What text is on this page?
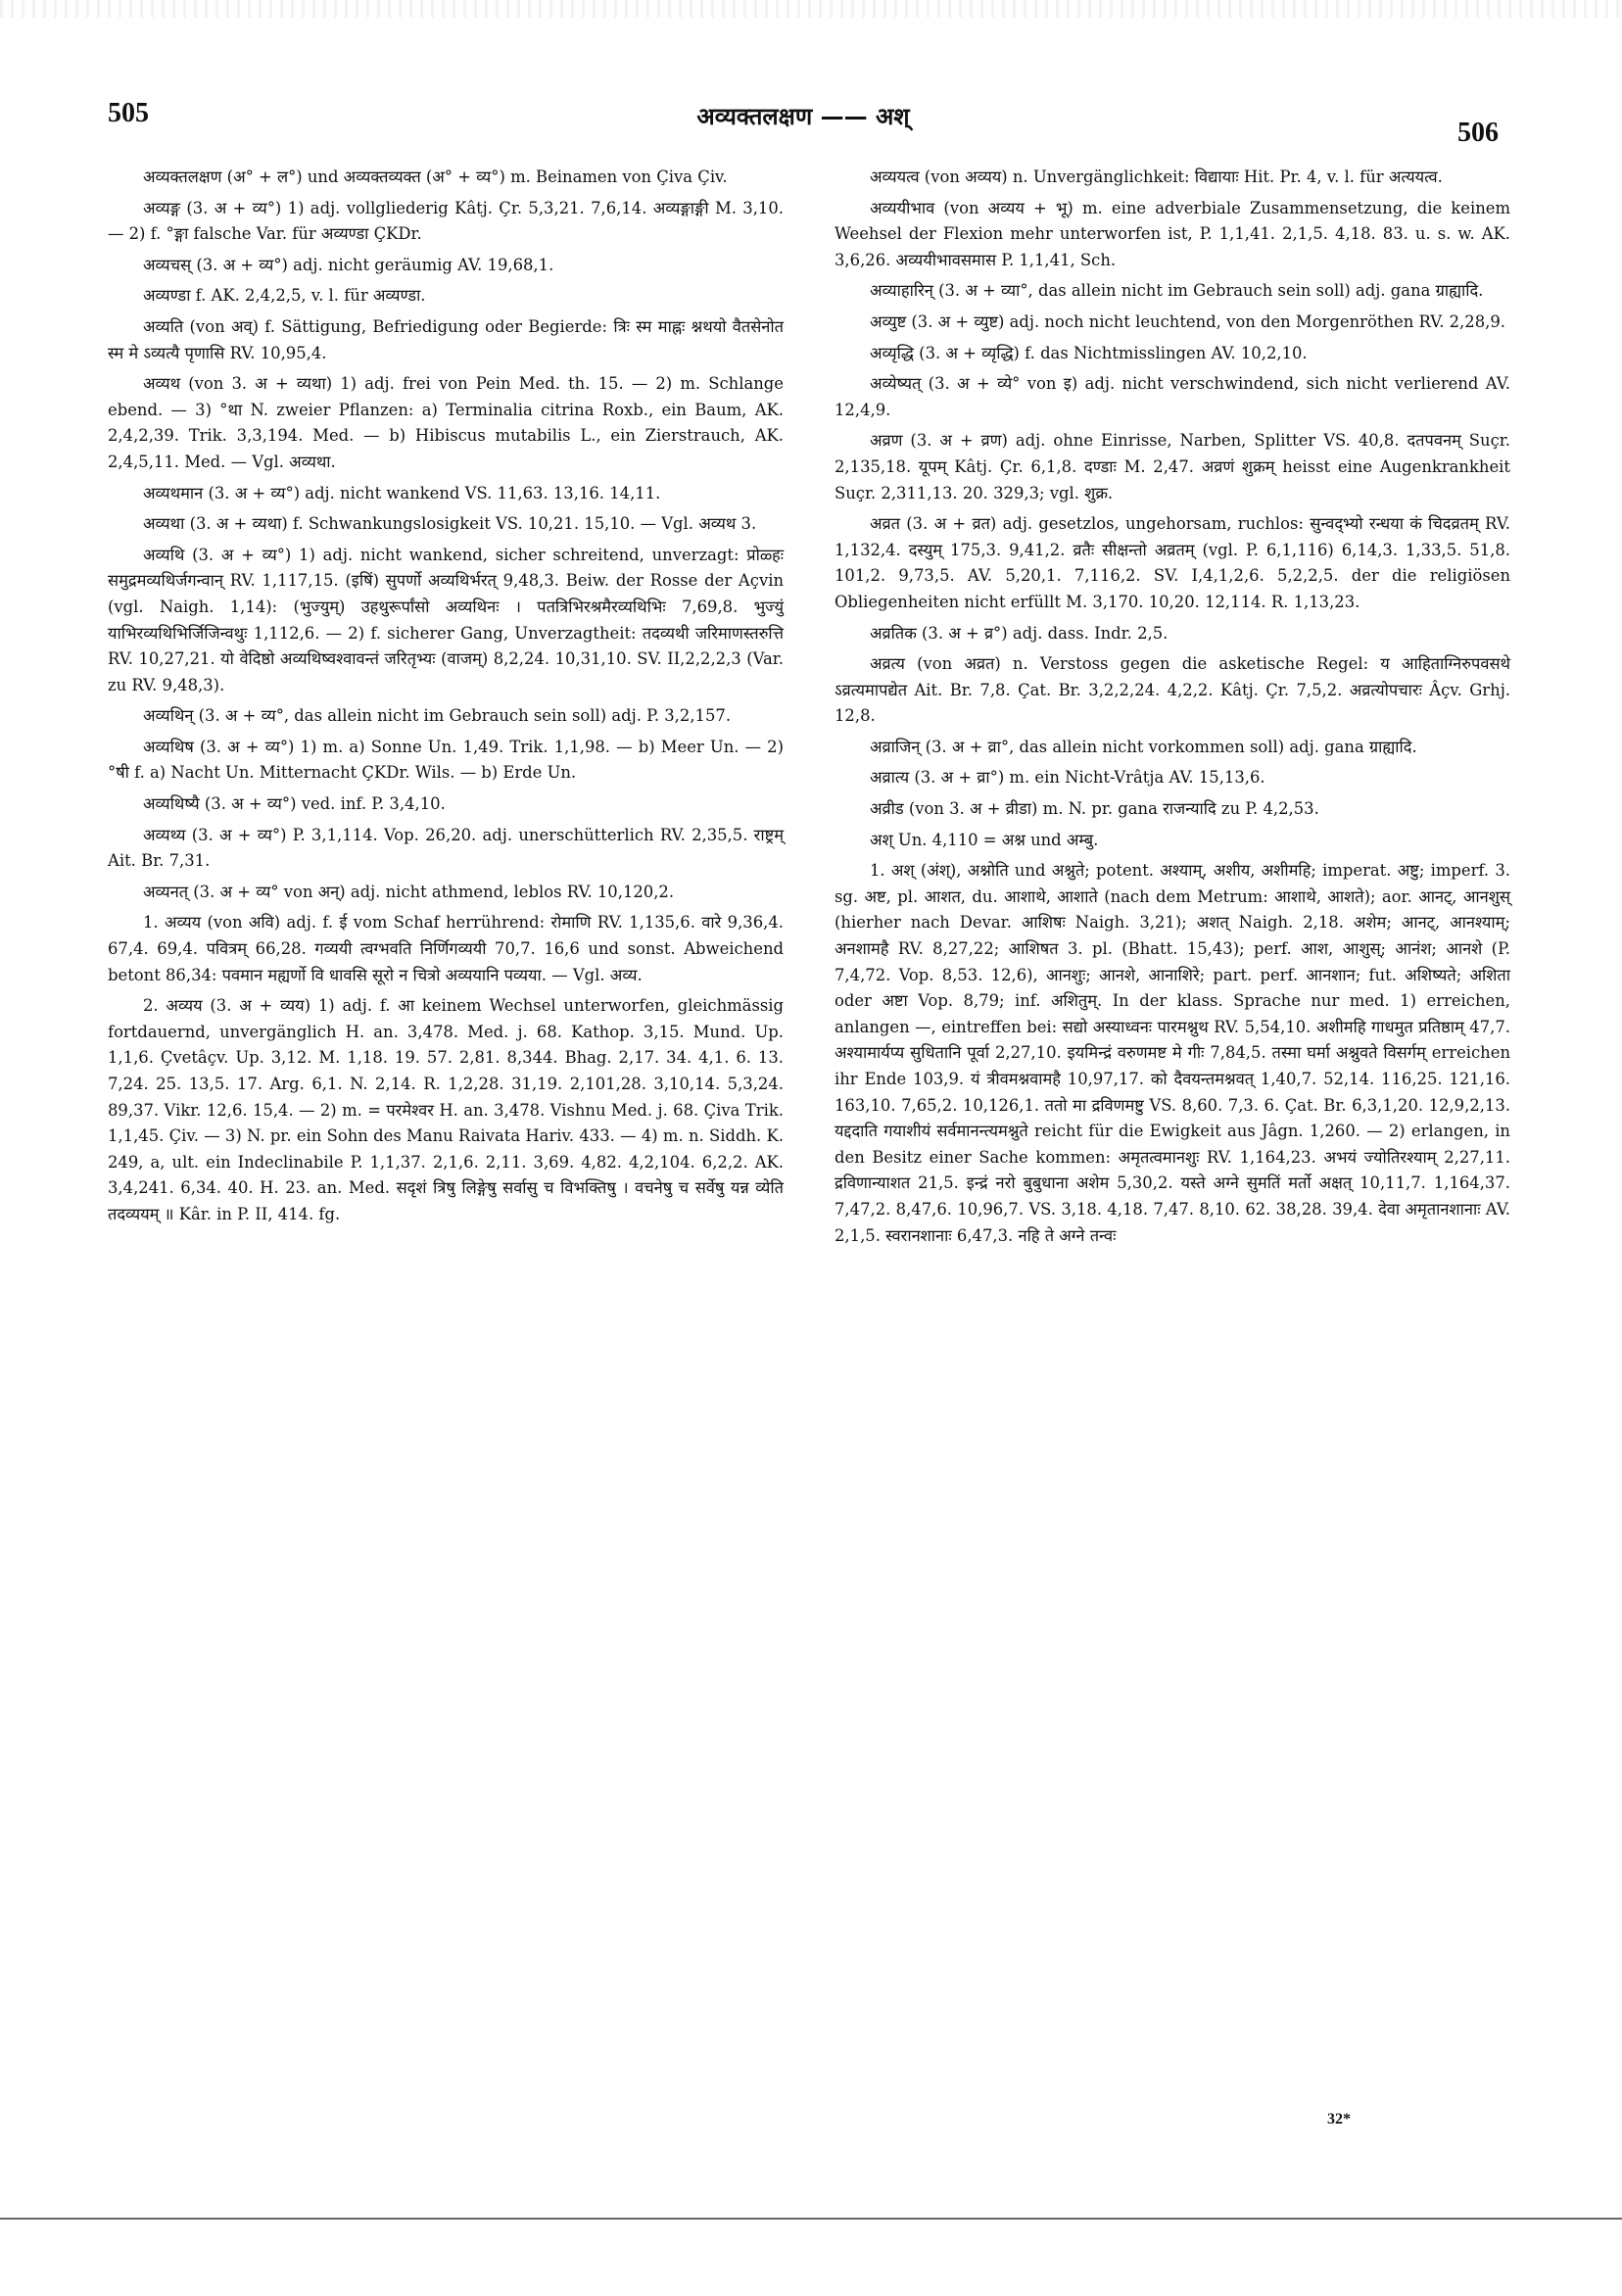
505	अव्यक्तलक्षण —— अश्
506

अव्यक्तलक्षण (अ° + ल°) und अव्यक्तव्यक्त (अ° + व्य°) m. Beinamen von Çiva Çiv.

अव्यङ्ग (3. अ + व्य°) 1) adj. vollgliederig Kâtj. Çr. 5,3,21. 7,6,14. अव्यङ्गाङ्गी M. 3,10. — 2) f. °ङ्गा falsche Var. für अव्यण्डा ÇKDr.

अव्यचस् (3. अ + व्य°) adj. nicht geräumig AV. 19,68,1.

अव्यण्डा f. AK. 2,4,2,5, v. l. für अव्यण्डा.

अव्यति (von अव्) f. Sättigung, Befriedigung oder Begierde: त्रिः स्म माह्नः श्नथयो वैतसेनोत स्म मे ऽव्यत्यै पृणासि RV. 10,95,4.

अव्यथ (von 3. अ + व्यथा) 1) adj. frei von Pein Med. th. 15. — 2) m. Schlange ebend. — 3) °था N. zweier Pflanzen: a) Terminalia citrina Roxb., ein Baum, AK. 2,4,2,39. Trik. 3,3,194. Med. — b) Hibiscus mutabilis L., ein Zierstrauch, AK. 2,4,5,11. Med. — Vgl. अव्यथा.

अव्यथमान (3. अ + व्य°) adj. nicht wankend VS. 11,63. 13,16. 14,11.

अव्यथा (3. अ + व्यथा) f. Schwankungslosigkeit VS. 10,21. 15,10. — Vgl. अव्यथ 3.

अव्यथि (3. अ + व्य°) 1) adj. nicht wankend, sicher schreitend, unverzagt: प्रोळ्हः समुद्रमव्यथिर्जगन्वान् RV. 1,117,15. (इषिं) सुपर्णो अव्यथिर्भरत् 9,48,3. Beiw. der Rosse der Açvin (vgl. Naigh. 1,14): (भुज्युम्) उहथुरूर्पांसो अव्यथिनः । पतत्रिभिरश्रमैरव्यथिभिः 7,69,8. भुज्युं याभिरव्यथिभिर्जिजिन्वथुः 1,112,6. — 2) f. sicherer Gang, Unverzagtheit: तदव्यथी जरिमाणस्तरुत्ति RV. 10,27,21. यो वेदिष्ठो अव्यथिष्वश्वावन्तं जरितृभ्यः (वाजम्) 8,2,24. 10,31,10. SV. II,2,2,2,3 (Var. zu RV. 9,48,3).

अव्यथिन् (3. अ + व्य°, das allein nicht im Gebrauch sein soll) adj. P. 3,2,157.

अव्यथिष (3. अ + व्य°) 1) m. a) Sonne Un. 1,49. Trik. 1,1,98. — b) Meer Un. — 2) °षी f. a) Nacht Un. Mitternacht ÇKDr. Wils. — b) Erde Un.

अव्यथिष्यै (3. अ + व्य°) ved. inf. P. 3,4,10.

अव्यथ्य (3. अ + व्य°) P. 3,1,114. Vop. 26,20. adj. unerschütterlich RV. 2,35,5. राष्ट्रम् Ait. Br. 7,31.

अव्यनत् (3. अ + व्य° von अन्) adj. nicht athmend, leblos RV. 10,120,2.

1. अव्यय (von अवि) adj. f. ई vom Schaf herrührend: रोमाणि RV. 1,135,6. वारे 9,36,4. 67,4. 69,4. पवित्रम् 66,28. गव्ययी त्वग्भवति निर्णिगव्ययी 70,7. 16,6 und sonst. Abweichend betont 86,34: पवमान मह्यर्णो वि धावसि सूरो न चित्रो अव्ययानि पव्यया. — Vgl. अव्य.

2. अव्यय (3. अ + व्यय) 1) adj. f. आ keinem Wechsel unterworfen, gleichmässig fortdauernd, unvergänglich H. an. 3,478. Med. j. 68. Kathop. 3,15. Mund. Up. 1,1,6. Çvetâçv. Up. 3,12. M. 1,18. 19. 57. 2,81. 8,344. Bhag. 2,17. 34. 4,1. 6. 13. 7,24. 25. 13,5. 17. Arg. 6,1. N. 2,14. R. 1,2,28. 31,19. 2,101,28. 3,10,14. 5,3,24. 89,37. Vikr. 12,6. 15,4. — 2) m. = परमेश्वर H. an. 3,478. Vishnu Med. j. 68. Çiva Trik. 1,1,45. Çiv. — 3) N. pr. ein Sohn des Manu Raivata Hariv. 433. — 4) m. n. Siddh. K. 249, a, ult. ein Indeclinabile P. 1,1,37. 2,1,6. 2,11. 3,69. 4,82. 4,2,104. 6,2,2. AK. 3,4,241. 6,34. 40. H. 23. an. Med. सदृशं त्रिषु लिङ्गेषु सर्वासु च विभक्तिषु । वचनेषु च सर्वेषु यन्न व्येति तदव्ययम् ॥ Kâr. in P. II, 414. fg.

अव्ययत्व (von अव्यय) n. Unvergänglichkeit: विद्यायाः Hit. Pr. 4, v. l. für अत्ययत्व.

अव्ययीभाव (von अव्यय + भू) m. eine adverbiale Zusammensetzung, die keinem Weehsel der Flexion mehr unterworfen ist, P. 1,1,41. 2,1,5. 4,18. 83. u. s. w. AK. 3,6,26. अव्ययीभावसमास P. 1,1,41, Sch.

अव्याहारिन् (3. अ + व्या°, das allein nicht im Gebrauch sein soll) adj. gana ग्राह्यादि.

अव्युष्ट (3. अ + व्युष्ट) adj. noch nicht leuchtend, von den Morgenröthen RV. 2,28,9.

अव्यृद्धि (3. अ + व्यृद्धि) f. das Nichtmisslingen AV. 10,2,10.

अव्येष्यत् (3. अ + व्ये° von इ) adj. nicht verschwindend, sich nicht verlierend AV. 12,4,9.

अव्रण (3. अ + व्रण) adj. ohne Einrisse, Narben, Splitter VS. 40,8. दतपवनम् Suçr. 2,135,18. यूपम् Kâtj. Çr. 6,1,8. दण्डाः M. 2,47. अव्रणं शुक्रम् heisst eine Augenkrankheit Suçr. 2,311,13. 20. 329,3; vgl. शुक्र.

अव्रत (3. अ + व्रत) adj. gesetzlos, ungehorsam, ruchlos: सुन्वद्भ्यो रन्धया कं चिदव्रतम् RV. 1,132,4. दस्युम् 175,3. 9,41,2. व्रतैः सीक्षन्तो अव्रतम् (vgl. P. 6,1,116) 6,14,3. 1,33,5. 51,8. 101,2. 9,73,5. AV. 5,20,1. 7,116,2. SV. I,4,1,2,6. 5,2,2,5. der die religiösen Obliegenheiten nicht erfüllt M. 3,170. 10,20. 12,114. R. 1,13,23.

अव्रतिक (3. अ + व्र°) adj. dass. Indr. 2,5.

अव्रत्य (von अव्रत) n. Verstoss gegen die asketische Regel: य आहिताग्निरुपवसथे ऽव्रत्यमापद्येत Ait. Br. 7,8. Çat. Br. 3,2,2,24. 4,2,2. Kâtj. Çr. 7,5,2. अव्रत्योपचारः Âçv. Grhj. 12,8.

अव्राजिन् (3. अ + व्रा°, das allein nicht vorkommen soll) adj. gana ग्राह्यादि.

अव्रात्य (3. अ + व्रा°) m. ein Nicht-Vrâtja AV. 15,13,6.

अव्रीड (von 3. अ + व्रीडा) m. N. pr. gana राजन्यादि zu P. 4,2,53.

अश् Un. 4,110 = अश्न und अम्बु.

1. अश् (अंश्), अश्नोति und अश्नुते; potent. अश्याम्, अशीय, अशीमहि; imperat. अष्टु; imperf. 3. sg. अष्ट, pl. आशत, du. आशाथे, आशाते (nach dem Metrum: आशाथे, आशते); aor. आनट्, आनशुस् (hierher nach Devar. आशिषः Naigh. 3,21); अशत् Naigh. 2,18. अशेम; आनट्, आनश्याम्; अनशामहै RV. 8,27,22; आशिषत 3. pl. (Bhatt. 15,43); perf. आश, आशुस्; आनंश; आनशे (P. 7,4,72. Vop. 8,53. 12,6), आनशुः; आनशे, आनाशिरे; part. perf. आनशान; fut. अशिष्यते; अशिता oder अष्टा Vop. 8,79; inf. अशितुम्. In der klass. Sprache nur med. 1) erreichen, anlangen —, eintreffen bei: सद्यो अस्याध्वनः पारमश्नुथ RV. 5,54,10. अशीमहि गाधमुत प्रतिष्ठाम् 47,7. अश्यामार्यप्य सुधितानि पूर्वा 2,27,10. इयमिन्द्रं वरुणमष्ट मे गीः 7,84,5. तस्मा घर्मा अश्नुवते विसर्गम् erreichen ihr Ende 103,9. यं त्रीवमश्नवामहै 10,97,17. को दैवयन्तमश्नवत् 1,40,7. 52,14. 116,25. 121,16. 163,10. 7,65,2. 10,126,1. ततो मा द्रविणमष्टु VS. 8,60. 7,3. 6. Çat. Br. 6,3,1,20. 12,9,2,13. यद्ददाति गयाशीयं सर्वमानन्त्यमश्नुते reicht für die Ewigkeit aus Jâgn. 1,260. — 2) erlangen, in den Besitz einer Sache kommen: अमृतत्वमानशुः RV. 1,164,23. अभयं ज्योतिरश्याम् 2,27,11. द्रविणान्याशत 21,5. इन्द्रं नरो बुबुधाना अशेम 5,30,2. यस्ते अग्ने सुमतिं मर्तो अक्षत् 10,11,7. 1,164,37. 7,47,2. 8,47,6. 10,96,7. VS. 3,18. 4,18. 7,47. 8,10. 62. 38,28. 39,4. देवा अमृतानशानाः AV. 2,1,5. स्वरानशानाः 6,47,3. नहि ते अग्ने तन्वः

32*
